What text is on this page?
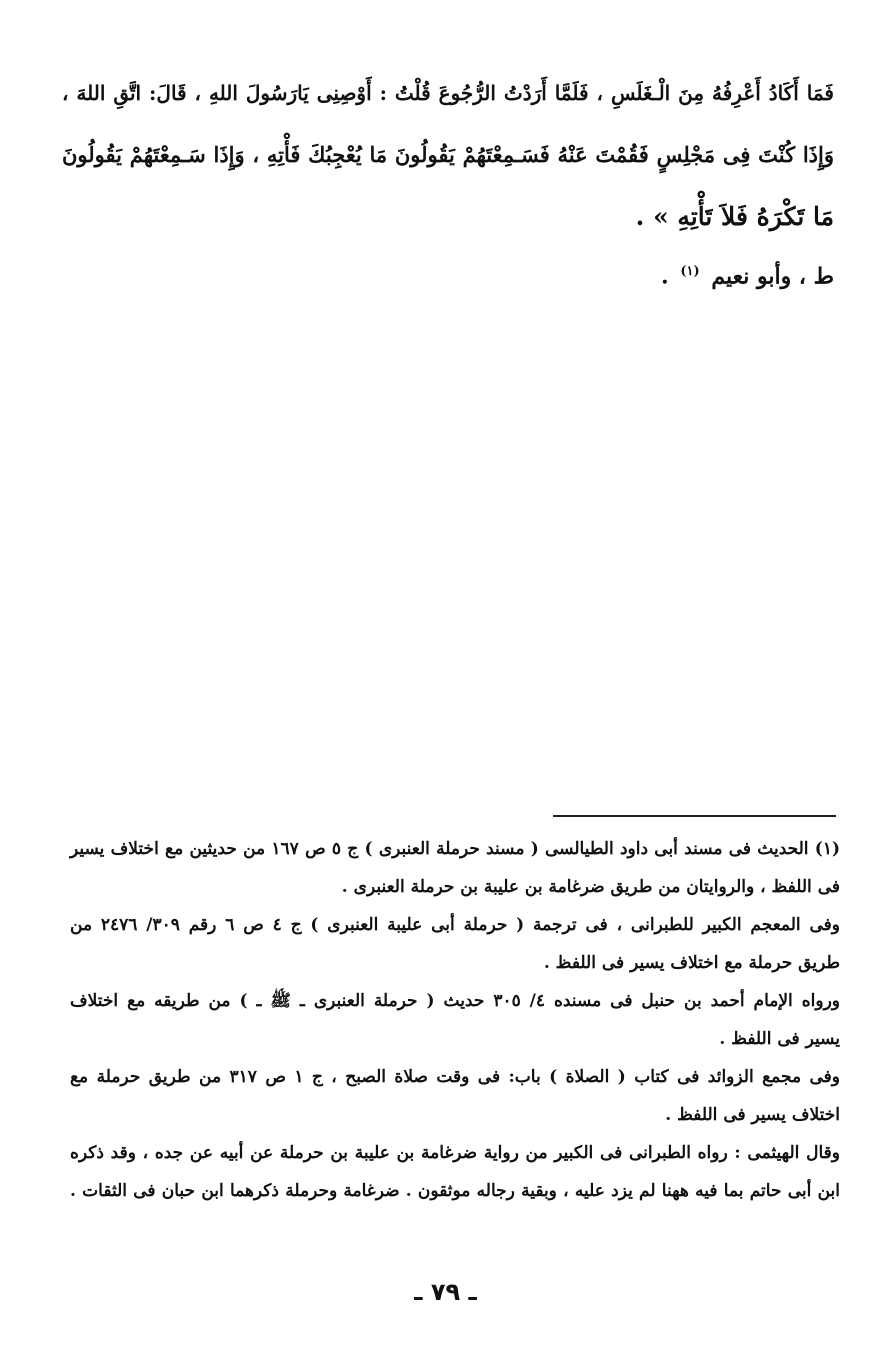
فَمَا أَكَادُ أَعْرِفُهُ مِنَ الْـغَلَسِ ، فَلَمَّا أَرَدْتُ الرُّجُوعَ قُلْتُ : أَوْصِنِى يَارَسُولَ اللهِ ، قَالَ: اتَّقِ اللهَ ،
وَإِذَا كُنْتَ فِى مَجْلِسٍ فَقُمْتَ عَنْهُ فَسَـمِعْتَهُمْ يَقُولُونَ مَا يُعْجِبُكَ فَأْتِهِ ، وَإِذَا سَـمِعْتَهُمْ يَقُولُونَ
مَا تَكْرَهُ فَلاَ تَأْتِهِ » .
ط ، وأبو نعيم $^{(١)}$ .
(١) الحديث فى مسند أبى داود الطيالسى ( مسند حرملة العنبرى ) ج ٥ ص ١٦٧ من حديثين مع اختلاف يسير
فى اللفظ ، والروايتان من طريق ضرغامة بن عليبة بن حرملة العنبرى .
وفى المعجم الكبير للطبرانى ، فى ترجمة ( حرملة أبى عليبة العنبرى ) ج ٤ ص ٦ رقم ٣٠٩/ ٢٤٧٦ من
طريق حرملة مع اختلاف يسير فى اللفظ .
ورواه الإمام أحمد بن حنبل فى مسنده ٤/ ٣٠٥ حديث ( حرملة العنبرى ـ ﷺ ـ ) من طريقه مع اختلاف
يسير فى اللفظ .
وفى مجمع الزوائد فى كتاب ( الصلاة ) باب: فى وقت صلاة الصبح ، ج ١ ص ٣١٧ من طريق حرملة مع
اختلاف يسير فى اللفظ .
وقال الهيثمى : رواه الطبرانى فى الكبير من رواية ضرغامة بن عليبة بن حرملة عن أبيه عن جده ، وقد ذكره
ابن أبى حاتم بما فيه ههنا لم يزد عليه ، وبقية رجاله موثقون . ضرغامة وحرملة ذكرهما ابن حبان فى الثقات .
ـ ٧٩ ـ
